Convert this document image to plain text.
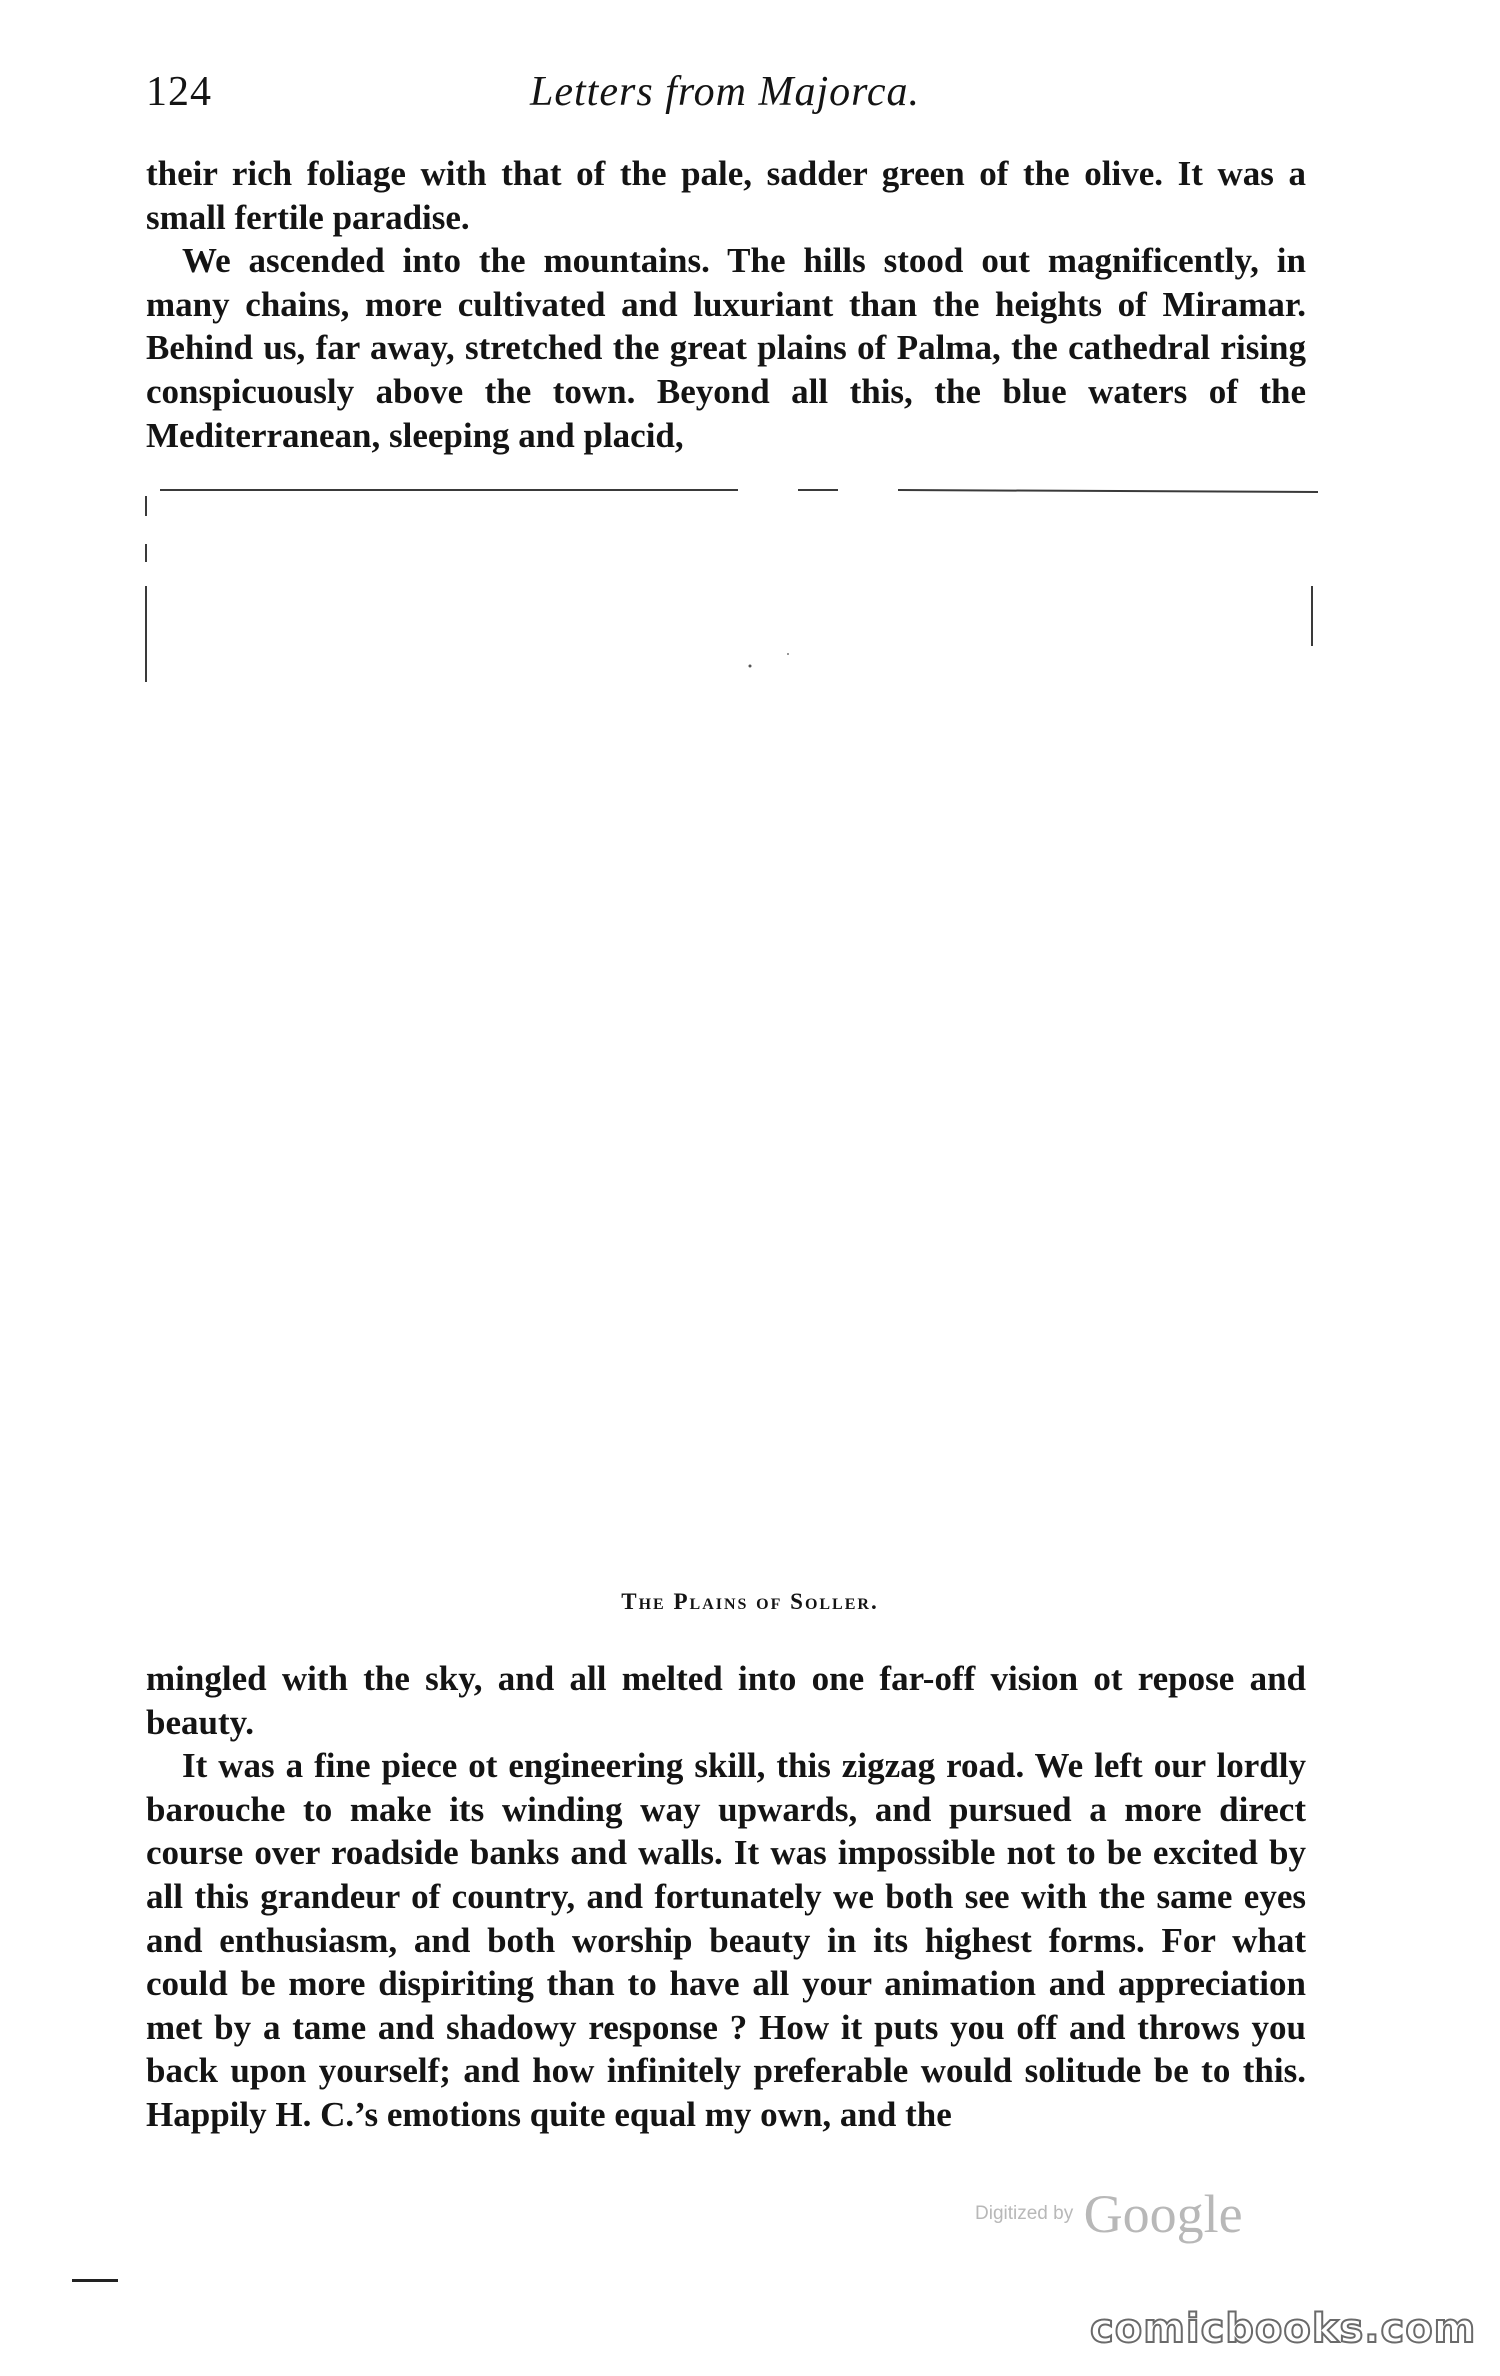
124	Letters from Majorca.

their rich foliage with that of the pale, sadder green of the olive. It was a small fertile paradise.

We ascended into the mountains. The hills stood out magnificently, in many chains, more cultivated and luxuriant than the heights of Miramar. Behind us, far away, stretched the great plains of Palma, the cathedral rising conspicuously above the town. Beyond all this, the blue waters of the Mediterranean, sleeping and placid,

The Plains of Soller.

mingled with the sky, and all melted into one far-off vision ot repose and beauty.

It was a fine piece ot engineering skill, this zigzag road. We left our lordly barouche to make its winding way upwards, and pursued a more direct course over roadside banks and walls. It was impossible not to be excited by all this grandeur of country, and fortunately we both see with the same eyes and enthusiasm, and both worship beauty in its highest forms. For what could be more dispiriting than to have all your animation and appreciation met by a tame and shadowy response ? How it puts you off and throws you back upon yourself; and how infinitely preferable would solitude be to this. Happily H. C.’s emotions quite equal my own, and the

Digitized by Google
comicbooks.com
